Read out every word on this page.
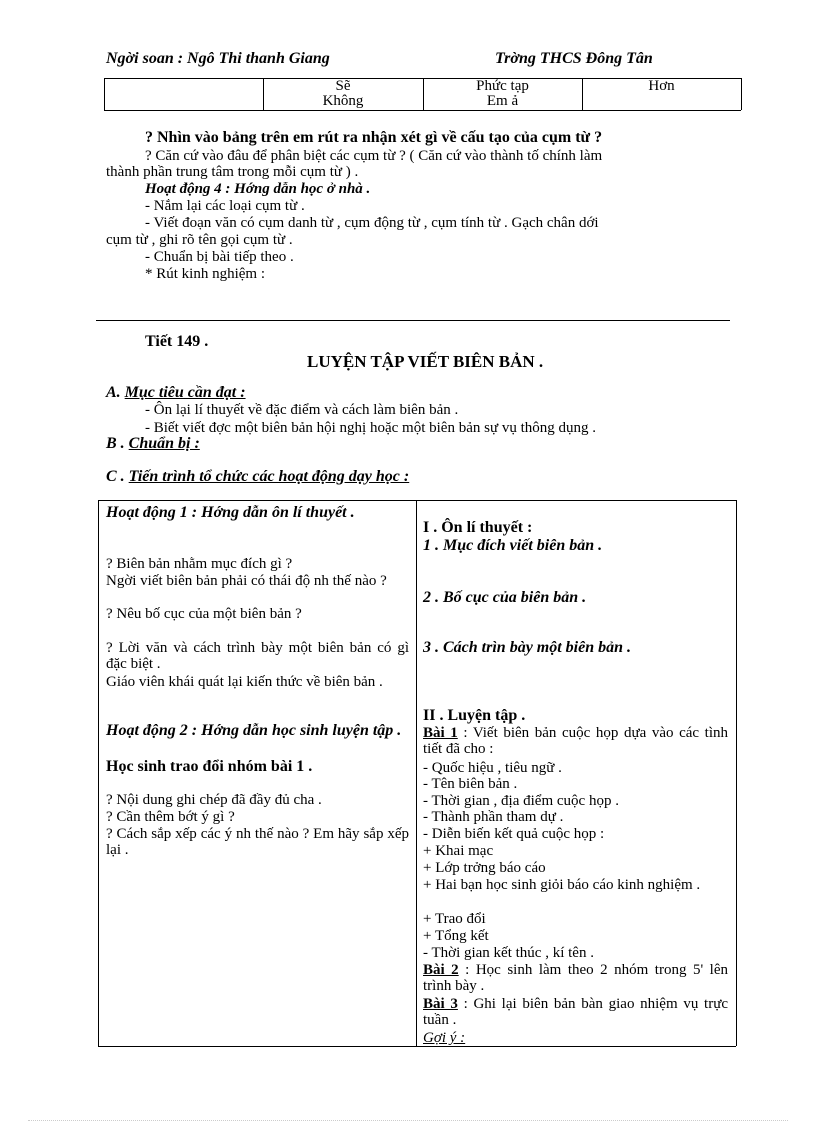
Ngời soan : Ngô Thi thanh Giang	Trờng THCS Đông Tân
Sẽ
Không
Phức tạp
Em ả
Hơn
? Nhìn vào bảng trên em rút ra nhận xét gì về cấu tạo của cụm từ ?
? Căn cứ vào đâu để phân biệt các cụm từ ? ( Căn cứ vào thành tố chính làm
thành phần trung tâm trong mỗi cụm từ ) .
Hoạt động 4 : Hớng dẫn học ở nhà .
- Nắm lại các loại cụm từ .
- Viết đoạn văn có cụm danh từ , cụm động từ , cụm tính từ . Gạch chân dới
cụm từ , ghi rõ tên gọi cụm từ .
- Chuẩn bị bài tiếp theo .
* Rút kinh nghiệm :
Tiết 149 .
LUYỆN TẬP VIẾT BIÊN BẢN .
A. Mục tiêu cần đạt :
- Ôn lại lí thuyết về đặc điểm và cách làm biên bản .
- Biết viết đợc một biên bản hội nghị hoặc một biên bản sự vụ thông dụng .
B . Chuẩn bị :
C . Tiến trình tổ chức các hoạt động dạy học :
Hoạt động 1 : Hớng dẫn ôn lí thuyết .
? Biên bản nhằm mục đích gì ?
Ngời viết biên bản phải có thái độ nh thế nào ?
? Nêu bố cục của một biên bản ?
? Lời văn và cách trình bày một biên bản có gì đặc biệt .
Giáo viên khái quát lại kiến thức về biên bản .
Hoạt động 2 : Hớng dẫn học sinh luyện tập .
Học sinh trao đổi nhóm bài 1 .
? Nội dung ghi chép đã đầy đủ cha .
? Cần thêm bớt ý gì ?
? Cách sắp xếp các ý nh thế nào ? Em hãy sắp xếp lại .
I . Ôn lí thuyết :
1 . Mục đích viết biên bản .
2 . Bố cục của biên bản .
3 . Cách trìn bày một biên bản .
II . Luyện tập .
Bài 1 : Viết biên bản cuộc họp dựa vào các tình tiết đã cho :
- Quốc hiệu , tiêu ngữ .
- Tên biên bản .
- Thời gian , địa điểm cuộc họp .
- Thành phần tham dự .
- Diễn biến kết quả cuộc họp :
+ Khai mạc
+ Lớp trởng báo cáo
+ Hai bạn học sinh giỏi báo cáo kinh nghiệm .
+ Trao đổi
+ Tổng kết
- Thời gian kết thúc , kí tên .
Bài 2 : Học sinh làm theo 2 nhóm trong 5' lên trình bày .
Bài 3 : Ghi lại biên bản bàn giao nhiệm vụ trực tuần .
Gợi ý :
